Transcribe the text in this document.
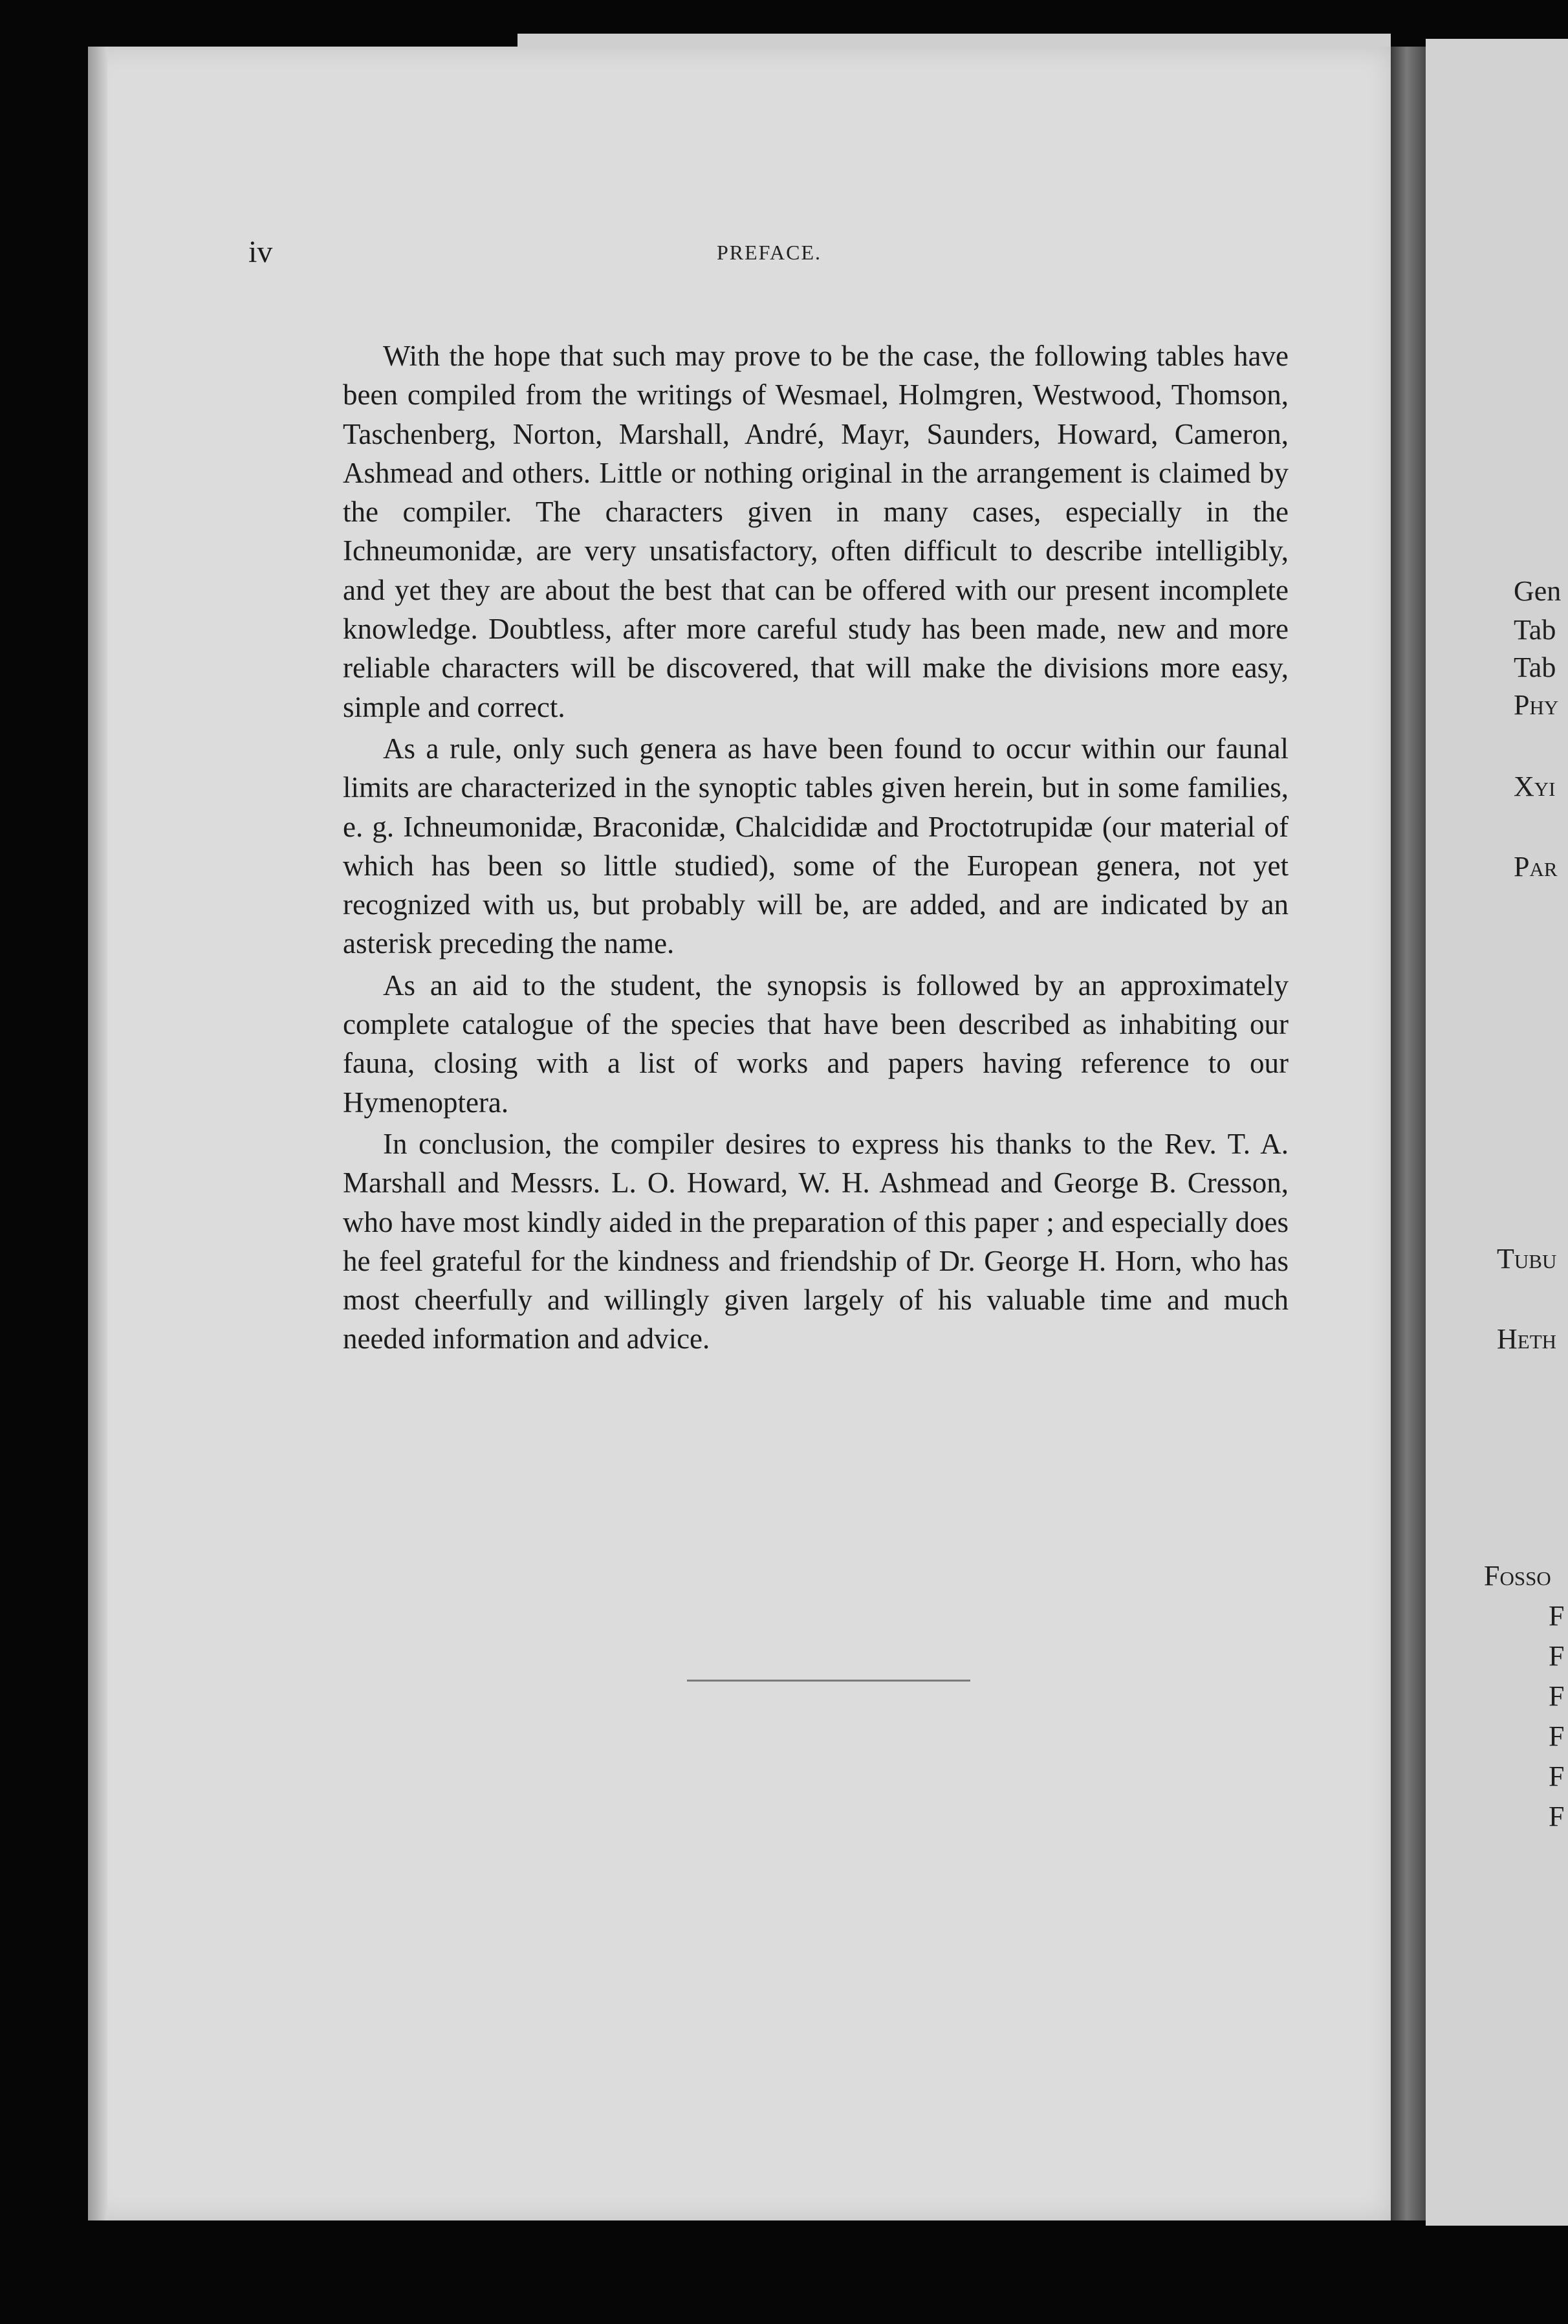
iv	PREFACE.

With the hope that such may prove to be the case, the following tables have been compiled from the writings of Wesmael, Holmgren, Westwood, Thomson, Taschenberg, Norton, Marshall, André, Mayr, Saunders, Howard, Cameron, Ashmead and others. Little or nothing original in the arrangement is claimed by the compiler. The characters given in many cases, especially in the Ichneumonidæ, are very unsatisfactory, often difficult to describe intelligibly, and yet they are about the best that can be offered with our present incomplete knowledge. Doubtless, after more careful study has been made, new and more reliable characters will be discovered, that will make the divisions more easy, simple and correct.

As a rule, only such genera as have been found to occur within our faunal limits are characterized in the synoptic tables given herein, but in some families, e. g. Ichneumonidæ, Braconidæ, Chalcididæ and Proctotrupidæ (our material of which has been so little studied), some of the European genera, not yet recognized with us, but probably will be, are added, and are indicated by an asterisk preceding the name.

As an aid to the student, the synopsis is followed by an approximately complete catalogue of the species that have been described as inhabiting our fauna, closing with a list of works and papers having reference to our Hymenoptera.

In conclusion, the compiler desires to express his thanks to the Rev. T. A. Marshall and Messrs. L. O. Howard, W. H. Ashmead and George B. Cresson, who have most kindly aided in the preparation of this paper ; and especially does he feel grateful for the kindness and friendship of Dr. George H. Horn, who has most cheerfully and willingly given largely of his valuable time and much needed information and advice.

Gen
Tab
Tab
Phy
Xyi
Par
Tubu
Heth
Fosso
F
F
F
F
F
F
